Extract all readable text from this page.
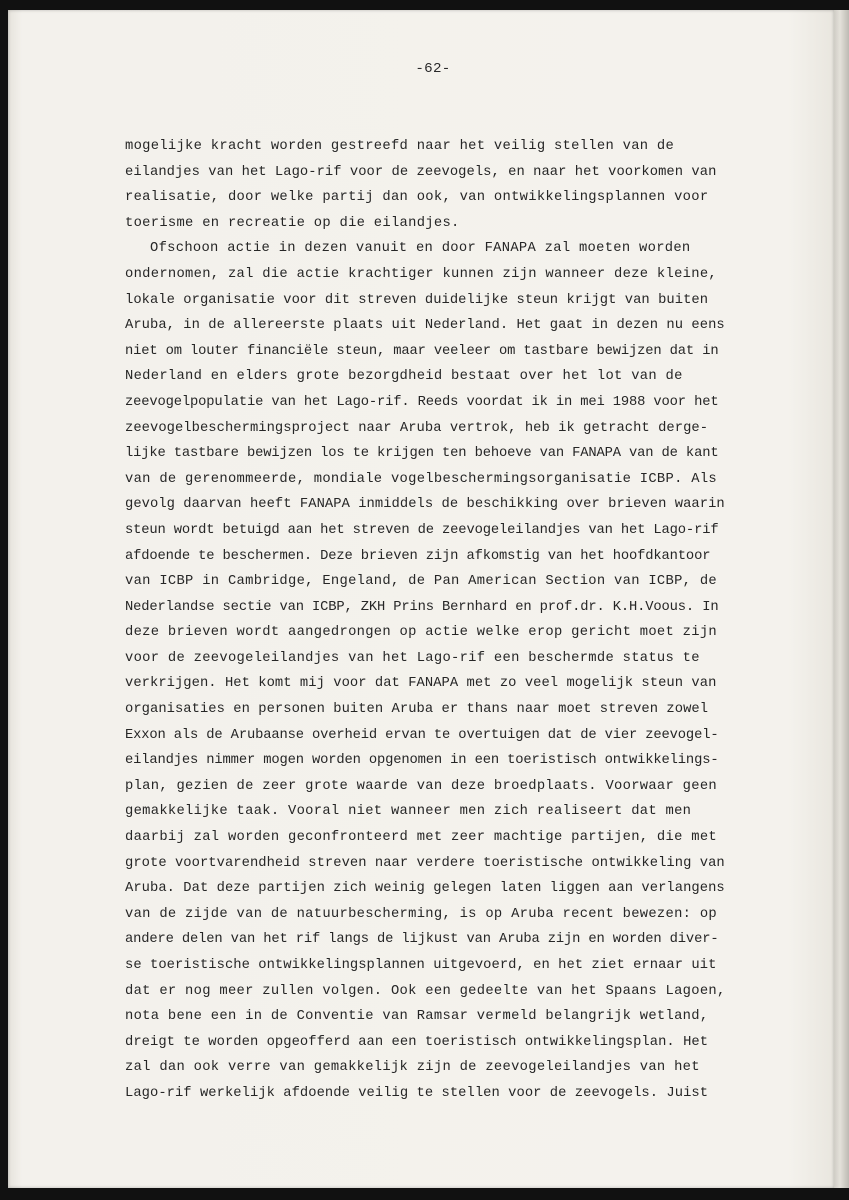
-62-
mogelijke kracht worden gestreefd naar het veilig stellen van de
eilandjes van het Lago-rif voor de zeevogels, en naar het voorkomen van
realisatie, door welke partij dan ook, van ontwikkelingsplannen voor
toerisme en recreatie op die eilandjes.
Ofschoon actie in dezen vanuit en door FANAPA zal moeten worden
ondernomen, zal die actie krachtiger kunnen zijn wanneer deze kleine,
lokale organisatie voor dit streven duidelijke steun krijgt van buiten
Aruba, in de allereerste plaats uit Nederland. Het gaat in dezen nu eens
niet om louter financiële steun, maar veeleer om tastbare bewijzen dat in
Nederland en elders grote bezorgdheid bestaat over het lot van de
zeevogelpopulatie van het Lago-rif. Reeds voordat ik in mei 1988 voor het
zeevogelbeschermingsproject naar Aruba vertrok, heb ik getracht derge-
lijke tastbare bewijzen los te krijgen ten behoeve van FANAPA van de kant
van de gerenommeerde, mondiale vogelbeschermingsorganisatie ICBP. Als
gevolg daarvan heeft FANAPA inmiddels de beschikking over brieven waarin
steun wordt betuigd aan het streven de zeevogeleilandjes van het Lago-rif
afdoende te beschermen. Deze brieven zijn afkomstig van het hoofdkantoor
van ICBP in Cambridge, Engeland, de Pan American Section van ICBP, de
Nederlandse sectie van ICBP, ZKH Prins Bernhard en prof.dr. K.H.Voous. In
deze brieven wordt aangedrongen op actie welke erop gericht moet zijn
voor de zeevogeleilandjes van het Lago-rif een beschermde status te
verkrijgen. Het komt mij voor dat FANAPA met zo veel mogelijk steun van
organisaties en personen buiten Aruba er thans naar moet streven zowel
Exxon als de Arubaanse overheid ervan te overtuigen dat de vier zeevogel-
eilandjes nimmer mogen worden opgenomen in een toeristisch ontwikkelings-
plan, gezien de zeer grote waarde van deze broedplaats. Voorwaar geen
gemakkelijke taak. Vooral niet wanneer men zich realiseert dat men
daarbij zal worden geconfronteerd met zeer machtige partijen, die met
grote voortvarendheid streven naar verdere toeristische ontwikkeling van
Aruba. Dat deze partijen zich weinig gelegen laten liggen aan verlangens
van de zijde van de natuurbescherming, is op Aruba recent bewezen: op
andere delen van het rif langs de lijkust van Aruba zijn en worden diver-
se toeristische ontwikkelingsplannen uitgevoerd, en het ziet ernaar uit
dat er nog meer zullen volgen. Ook een gedeelte van het Spaans Lagoen,
nota bene een in de Conventie van Ramsar vermeld belangrijk wetland,
dreigt te worden opgeofferd aan een toeristisch ontwikkelingsplan. Het
zal dan ook verre van gemakkelijk zijn de zeevogeleilandjes van het
Lago-rif werkelijk afdoende veilig te stellen voor de zeevogels. Juist
